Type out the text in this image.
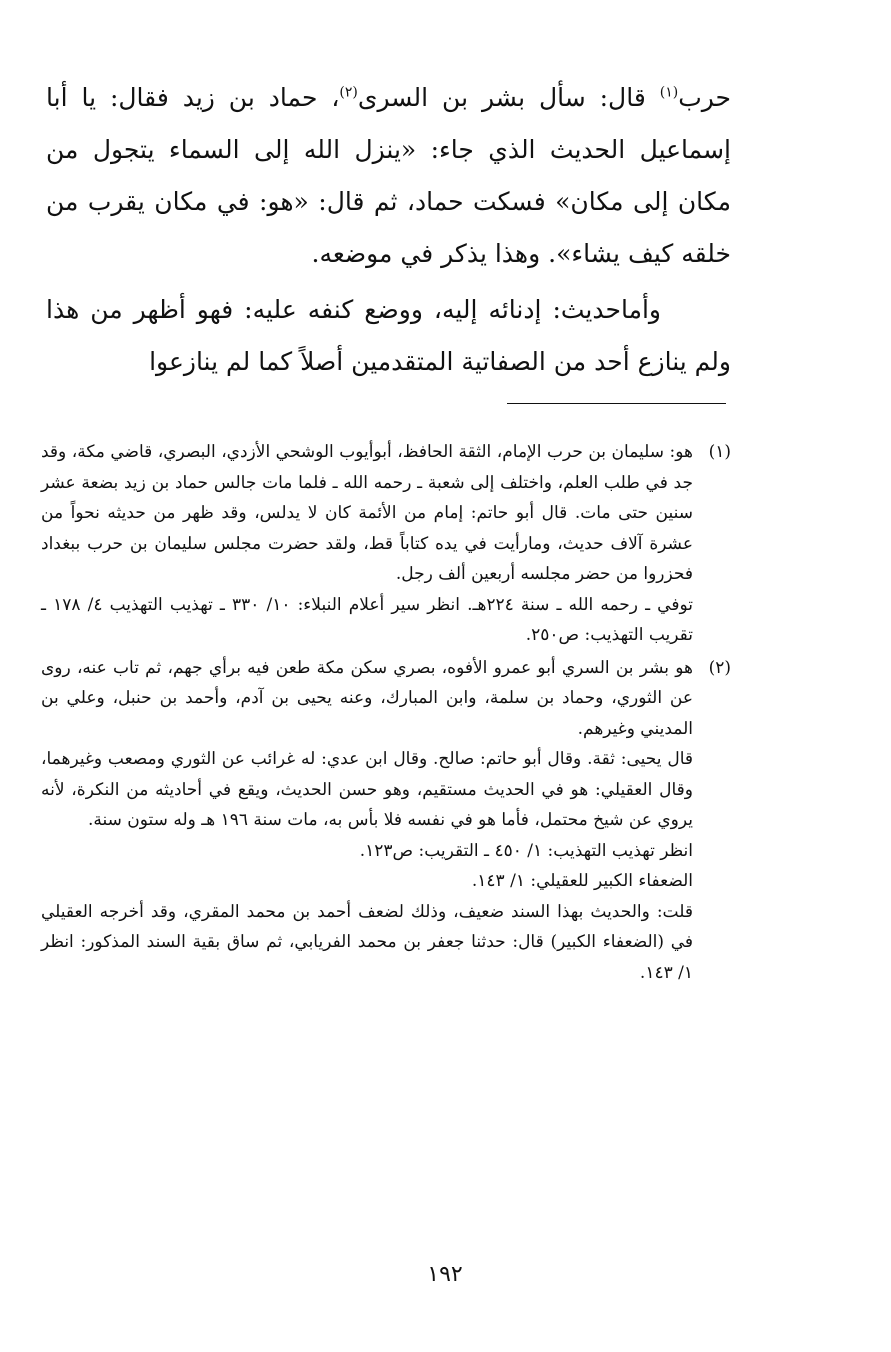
حرب$^{(١)}$ قال: سأل بشر بن السرى$^{(٢)}$، حماد بن زيد فقال: يا أبا إسماعيل الحديث الذي جاء: «ينزل الله إلى السماء يتجول من مكان إلى مكان» فسكت حماد، ثم قال: «هو: في مكان يقرب من خلقه كيف يشاء». وهذا يذكر في موضعه.

وأماحديث: إدنائه إليه، ووضع كنفه عليه: فهو أظهر من هذا ولم ينازع أحد من الصفاتية المتقدمين أصلاً كما لم ينازعوا

(١)

هو: سليمان بن حرب الإمام، الثقة الحافظ، أبوأيوب الوشحي الأزدي، البصري، قاضي مكة، وقد جد في طلب العلم، واختلف إلى شعبة ـ رحمه الله ـ فلما مات جالس حماد بن زيد بضعة عشر سنين حتى مات. قال أبو حاتم: إمام من الأئمة كان لا يدلس، وقد ظهر من حديثه نحواً من عشرة آلاف حديث، ومارأيت في يده كتاباً قط، ولقد حضرت مجلس سليمان بن حرب ببغداد فحزروا من حضر مجلسه أربعين ألف رجل.

توفي ـ رحمه الله ـ سنة ٢٢٤هـ. انظر سير أعلام النبلاء: ١٠/ ٣٣٠ ـ تهذيب التهذيب ٤/ ١٧٨ ـ تقريب التهذيب: ص٢٥٠.

(٢)

هو بشر بن السري أبو عمرو الأفوه، بصري سكن مكة طعن فيه برأي جهم، ثم تاب عنه، روى عن الثوري، وحماد بن سلمة، وابن المبارك، وعنه يحيى بن آدم، وأحمد بن حنبل، وعلي بن المديني وغيرهم.

قال يحيى: ثقة. وقال أبو حاتم: صالح. وقال ابن عدي: له غرائب عن الثوري ومصعب وغيرهما، وقال العقيلي: هو في الحديث مستقيم، وهو حسن الحديث، ويقع في أحاديثه من النكرة، لأنه يروي عن شيخ محتمل، فأما هو في نفسه فلا بأس به، مات سنة ١٩٦ هـ وله ستون سنة.

انظر تهذيب التهذيب: ١/ ٤٥٠ ـ التقريب: ص١٢٣.

الضعفاء الكبير للعقيلي: ١/ ١٤٣.

قلت: والحديث بهذا السند ضعيف، وذلك لضعف أحمد بن محمد المقري، وقد أخرجه العقيلي في (الضعفاء الكبير) قال: حدثنا جعفر بن محمد الفريابي، ثم ساق بقية السند المذكور: انظر ١/ ١٤٣.

١٩٢
